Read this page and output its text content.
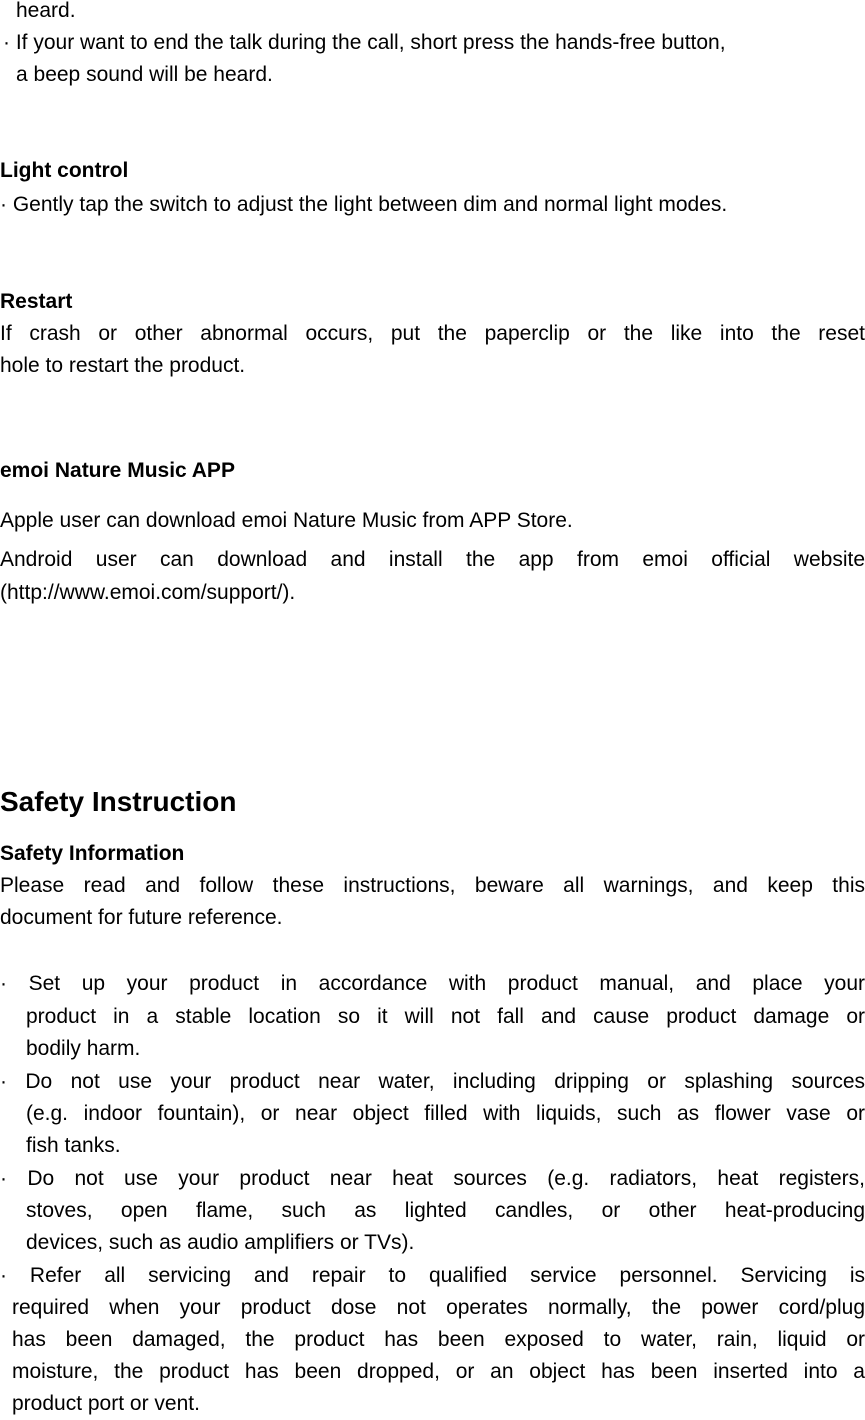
heard.
· If your want to end the talk during the call, short press the hands-free button,
a beep sound will be heard.
Light control
· Gently tap the switch to adjust the light between dim and normal light modes.
Restart
If crash or other abnormal occurs, put the paperclip or the like into the reset
hole to restart the product.
emoi Nature Music APP
Apple user can download emoi Nature Music from APP Store.
Android user can download and install the app from emoi official website
(http://www.emoi.com/support/).
Safety Instruction
Safety Information
Please read and follow these instructions, beware all warnings, and keep this
document for future reference.
· Set up your product in accordance with product manual, and place your
product in a stable location so it will not fall and cause product damage or
bodily harm.
· Do not use your product near water, including dripping or splashing sources
(e.g. indoor fountain), or near object filled with liquids, such as flower vase or
fish tanks.
· Do not use your product near heat sources (e.g. radiators, heat registers,
stoves, open flame, such as lighted candles, or other heat-producing
devices, such as audio amplifiers or TVs).
· Refer all servicing and repair to qualified service personnel. Servicing is
required when your product dose not operates normally, the power cord/plug
has been damaged, the product has been exposed to water, rain, liquid or
moisture, the product has been dropped, or an object has been inserted into a
product port or vent.
